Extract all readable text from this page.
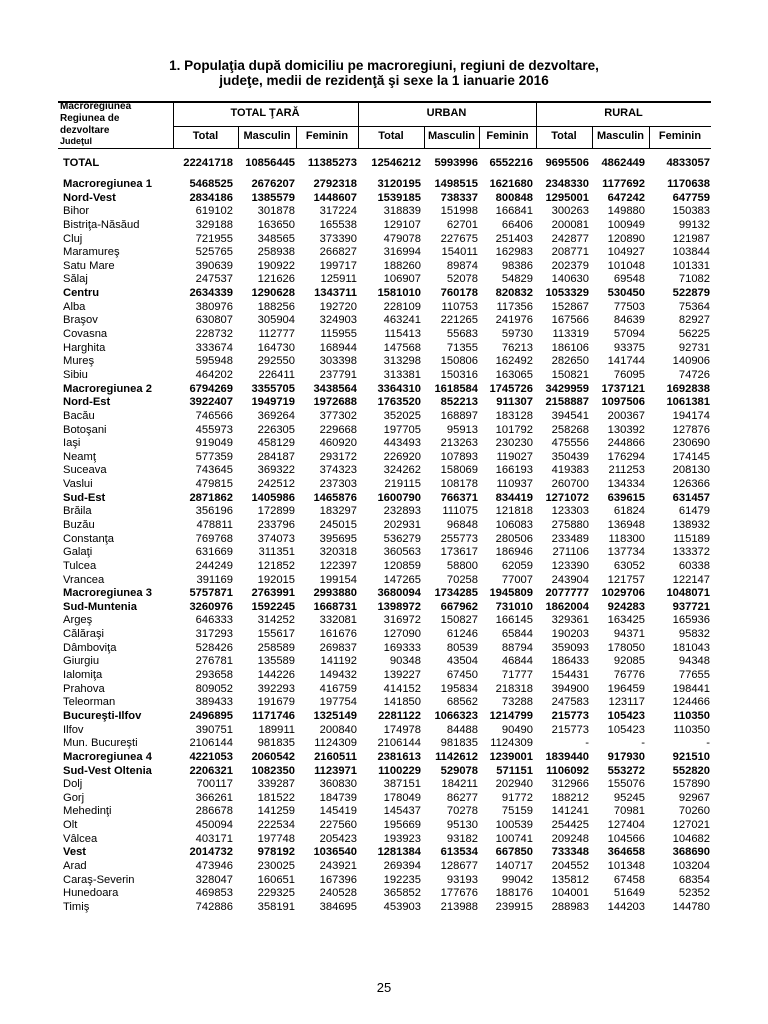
1. Populaţia după domiciliu pe macroregiuni, regiuni de dezvoltare,
judeţe, medii de rezidenţă şi sexe la 1 ianuarie 2016
Macroregiunea
Regiunea de
dezvoltare
Judeţul
TOTAL ŢARĂ	URBAN	RURAL
Total	Masculin	Feminin	Total	Masculin	Feminin	Total	Masculin	Feminin
TOTAL	22241718 10856445 11385273 12546212 5993996 6552216 9695506 4862449 4833057
Macroregiunea 1	5468525 2676207 2792318 3120195 1498515 1621680 2348330 1177692 1170638
Nord-Vest	2834186 1385579 1448607 1539185 738337 800848 1295001 647242 647759
Bihor	619102 301878 317224 318839 151998 166841 300263 149880 150383
Bistriţa-Năsăud	329188 163650 165538 129107 62701 66406 200081 100949	99132
Cluj	721955 348565 373390 479078 227675 251403 242877 120890 121987
Maramureş	525765 258938 266827 316994 154011 162983 208771 104927 103844
Satu Mare	390639 190922 199717 188260 89874 98386 202379 101048 101331
Sălaj	247537 121626 125911 106907 52078 54829 140630 69548	71082
Centru	2634339 1290628 1343711 1581010 760178 820832 1053329 530450 522879
Alba	380976 188256 192720 228109 110753 117356 152867 77503	75364
Braşov	630807 305904 324903 463241 221265 241976 167566 84639	82927
Covasna	228732 112777 115955 115413 55683 59730 113319 57094	56225
Harghita	333674 164730 168944 147568 71355 76213 186106 93375	92731
Mureş	595948 292550 303398 313298 150806 162492 282650 141744 140906
Sibiu	464202 226411 237791 313381 150316 163065 150821 76095	74726
Macroregiunea 2	6794269 3355705 3438564 3364310 1618584 1745726 3429959 1737121 1692838
Nord-Est	3922407 1949719 1972688 1763520 852213 911307 2158887 1097506 1061381
Bacău	746566 369264 377302 352025 168897 183128 394541 200367 194174
Botoşani	455973 226305 229668 197705 95913 101792 258268 130392 127876
Iaşi	919049 458129 460920 443493 213263 230230 475556 244866 230690
Neamţ	577359 284187 293172 226920 107893 119027 350439 176294 174145
Suceava	743645 369322 374323 324262 158069 166193 419383 211253 208130
Vaslui	479815 242512 237303 219115 108178 110937 260700 134334 126366
Sud-Est	2871862 1405986 1465876 1600790 766371 834419 1271072 639615 631457
Brăila	356196 172899 183297 232893 111075 121818 123303 61824	61479
Buzău	478811 233796 245015 202931 96848 106083 275880 136948 138932
Constanţa	769768 374073 395695 536279 255773 280506 233489 118300	115189
Galaţi	631669 311351 320318 360563 173617 186946 271106 137734 133372
Tulcea	244249 121852 122397 120859 58800 62059 123390 63052	60338
Vrancea	391169 192015 199154 147265 70258 77007 243904 121757 122147
Macroregiunea 3	5757871 2763991 2993880 3680094 1734285 1945809 2077777 1029706 1048071
Sud-Muntenia	3260976 1592245 1668731 1398972 667962 731010 1862004 924283 937721
Argeş	646333 314252 332081 316972 150827 166145 329361 163425 165936
Călăraşi	317293 155617 161676 127090 61246 65844 190203 94371	95832
Dâmboviţa	528426 258589 269837 169333 80539 88794 359093 178050 181043
Giurgiu	276781 135589 141192	90348 43504 46844 186433 92085	94348
Ialomiţa	293658 144226 149432 139227 67450 71777 154431 76776	77655
Prahova	809052 392293 416759 414152 195834 218318 394900 196459 198441
Teleorman	389433 191679 197754 141850 68562 73288 247583 123117 124466
Bucureşti-Ilfov	2496895 1171746 1325149 2281122 1066323 1214799 215773 105423	110350
Ilfov	390751 189911 200840 174978 84488 90490 215773 105423	110350
Mun. Bucureşti	2106144 981835 1124309 2106144 981835 1124309	-	-	-
Macroregiunea 4	4221053 2060542 2160511 2381613 1142612 1239001 1839440 917930 921510
Sud-Vest Oltenia	2206321 1082350 1123971 1100229 529078 571151 1106092 553272 552820
Dolj	700117 339287 360830 387151 184211 202940 312966 155076 157890
Gorj	366261 181522 184739 178049 86277 91772 188212 95245	92967
Mehedinţi	286678 141259 145419 145437 70278 75159 141241 70981	70260
Olt	450094 222534 227560 195669 95130 100539 254425 127404 127021
Vâlcea	403171 197748 205423 193923 93182 100741 209248 104566 104682
Vest	2014732 978192 1036540 1281384 613534 667850 733348 364658 368690
Arad	473946 230025 243921 269394 128677 140717 204552 101348 103204
Caraş-Severin	328047 160651 167396 192235 93193 99042 135812 67458	68354
Hunedoara	469853 229325 240528 365852 177676 188176 104001 51649	52352
Timiş	742886 358191 384695 453903 213988 239915 288983 144203 144780
25
